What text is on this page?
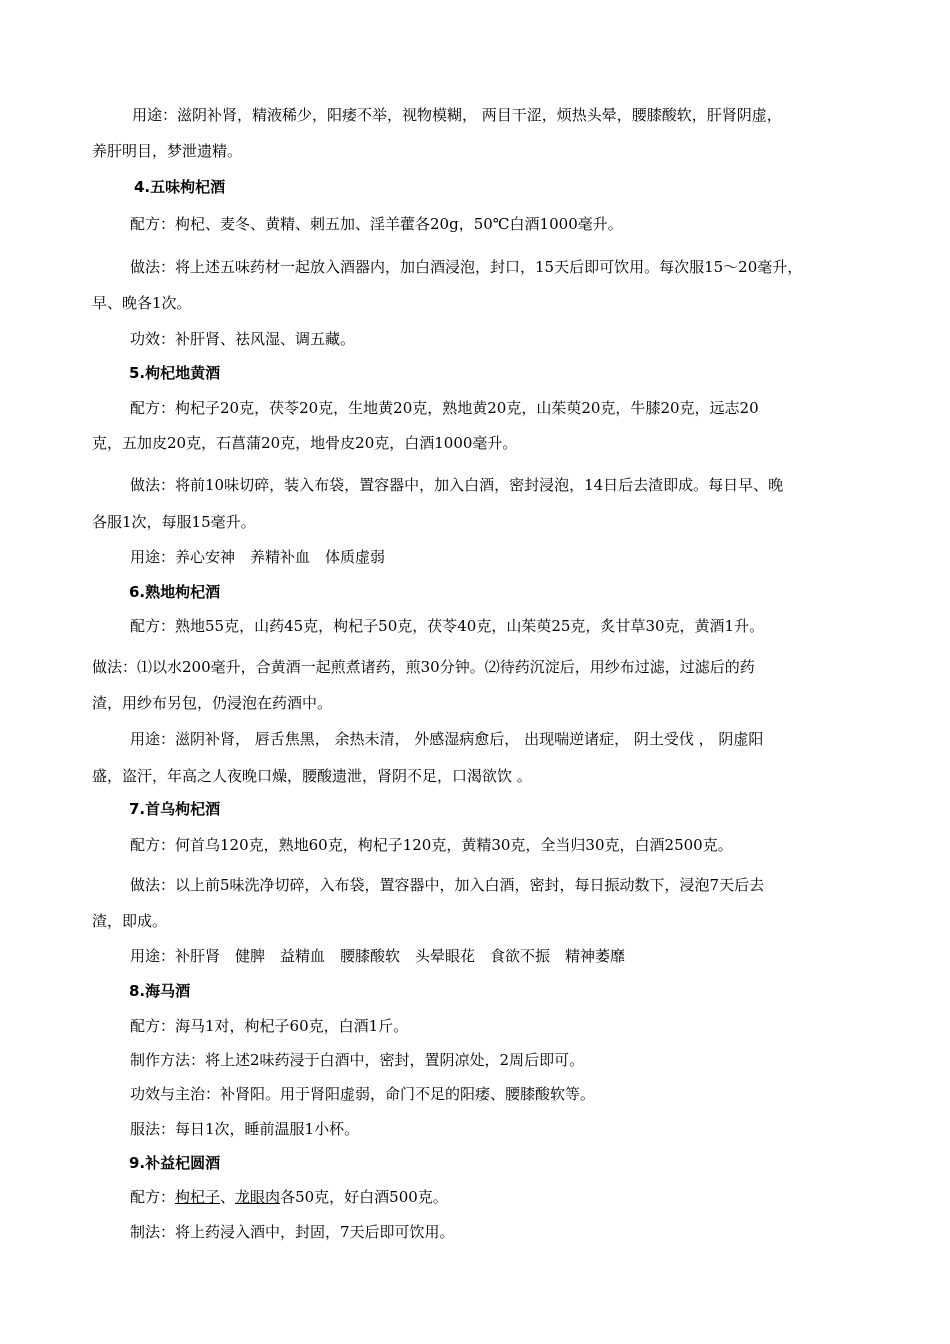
用途：滋阴补肾，精液稀少，阳痿不举，视物模糊， 两目干涩，烦热头晕，腰膝酸软，肝肾阴虚，
养肝明目，梦泄遗精。
4.五味枸杞酒
配方：枸杞、麦冬、黄精、刺五加、淫羊藿各20g，50℃白酒1000毫升。
做法：将上述五味药材一起放入酒器内，加白酒浸泡，封口，15天后即可饮用。每次服15～20毫升，
早、晚各1次。
功效：补肝肾、祛风湿、调五藏。
5.枸杞地黄酒
配方：枸杞子20克，茯苓20克，生地黄20克，熟地黄20克，山茱萸20克，牛膝20克，远志20
克，五加皮20克，石菖蒲20克，地骨皮20克，白酒1000毫升。
做法：将前10味切碎，装入布袋，置容器中，加入白酒，密封浸泡，14日后去渣即成。每日早、晚
各服1次，每服15毫升。
用途：养心安神　养精补血　体质虚弱
6.熟地枸杞酒
配方：熟地55克，山药45克，枸杞子50克，茯苓40克，山茱萸25克，炙甘草30克，黄酒1升。
做法：⑴以水200毫升，合黄酒一起煎煮诸药，煎30分钟。⑵待药沉淀后，用纱布过滤，过滤后的药
渣，用纱布另包，仍浸泡在药酒中。
用途：滋阴补肾， 唇舌焦黑， 余热未清， 外感湿病愈后， 出现喘逆诸症， 阴土受伐 ， 阴虚阳
盛，盗汗，年高之人夜晚口燥，腰酸遗泄，肾阴不足，口渴欲饮 。
7.首乌枸杞酒
配方：何首乌120克，熟地60克，枸杞子120克，黄精30克，全当归30克，白酒2500克。
做法：以上前5味洗净切碎，入布袋，置容器中，加入白酒，密封，每日振动数下，浸泡7天后去
渣，即成。
用途：补肝肾　健脾　益精血　腰膝酸软　头晕眼花　食欲不振　精神萎靡
8.海马酒
配方：海马1对，枸杞子60克，白酒1斤。
制作方法：将上述2味药浸于白酒中，密封，置阴凉处，2周后即可。
功效与主治：补肾阳。用于肾阳虚弱，命门不足的阳痿、腰膝酸软等。
服法：每日1次，睡前温服1小杯。
9.补益杞圆酒
配方：枸杞子、龙眼肉各50克，好白酒500克。
制法：将上药浸入酒中，封固，7天后即可饮用。
